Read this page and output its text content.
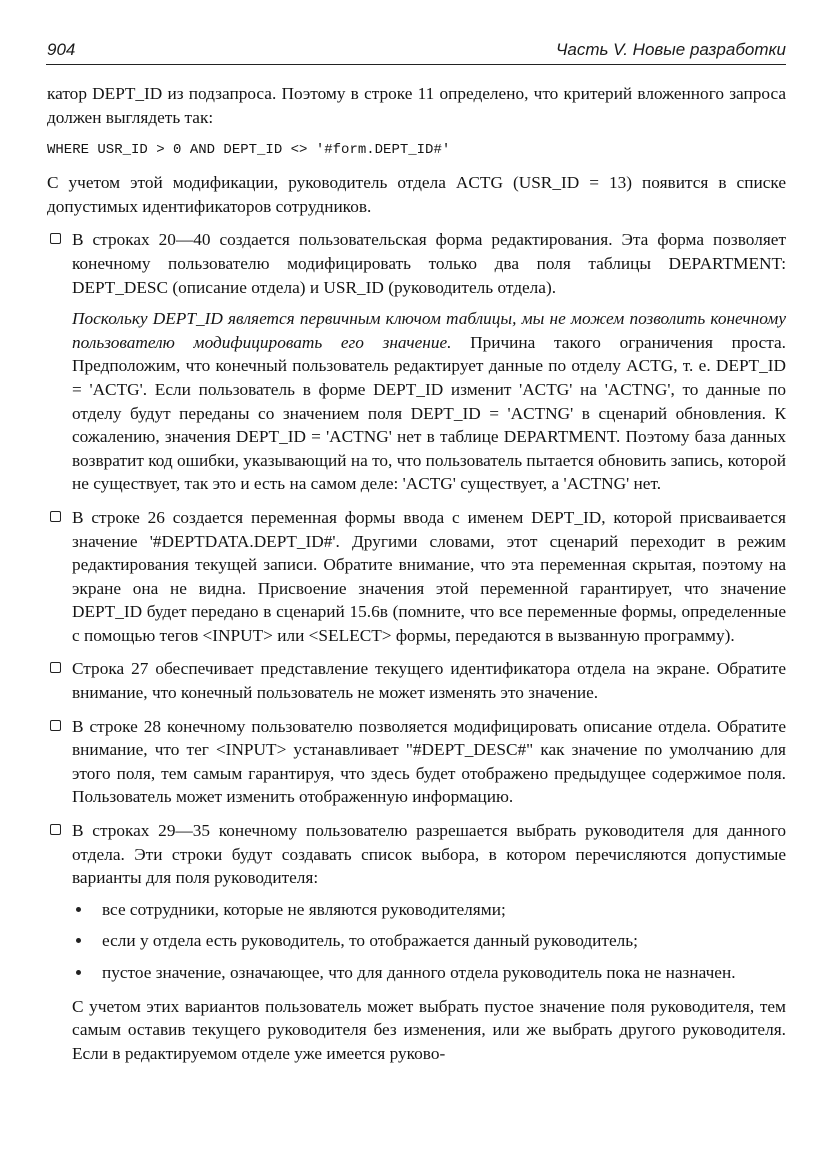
904	Часть V. Новые разработки

катор DEPT_ID из подзапроса. Поэтому в строке 11 определено, что критерий вложенного запроса должен выглядеть так:

WHERE USR_ID > 0 AND DEPT_ID <> '#form.DEPT_ID#'

С учетом этой модификации, руководитель отдела ACTG (USR_ID = 13) появится в списке допустимых идентификаторов сотрудников.

В строках 20—40 создается пользовательская форма редактирования. Эта форма позволяет конечному пользователю модифицировать только два поля таблицы DEPARTMENT: DEPT_DESC (описание отдела) и USR_ID (руководитель отдела).

Поскольку DEPT_ID является первичным ключом таблицы, мы не можем позволить конечному пользователю модифицировать его значение. Причина такого ограничения проста. Предположим, что конечный пользователь редактирует данные по отделу ACTG, т. е. DEPT_ID = 'ACTG'. Если пользователь в форме DEPT_ID изменит 'ACTG' на 'ACTNG', то данные по отделу будут переданы со значением поля DEPT_ID = 'ACTNG' в сценарий обновления. К сожалению, значения DEPT_ID = 'ACTNG' нет в таблице DEPARTMENT. Поэтому база данных возвратит код ошибки, указывающий на то, что пользователь пытается обновить запись, которой не существует, так это и есть на самом деле: 'ACTG' существует, а 'ACTNG' нет.

В строке 26 создается переменная формы ввода с именем DEPT_ID, которой присваивается значение '#DEPTDATA.DEPT_ID#'. Другими словами, этот сценарий переходит в режим редактирования текущей записи. Обратите внимание, что эта переменная скрытая, поэтому на экране она не видна. Присвоение значения этой переменной гарантирует, что значение DEPT_ID будет передано в сценарий 15.6в (помните, что все переменные формы, определенные с помощью тегов <INPUT> или <SELECT> формы, передаются в вызванную программу).

Строка 27 обеспечивает представление текущего идентификатора отдела на экране. Обратите внимание, что конечный пользователь не может изменять это значение.

В строке 28 конечному пользователю позволяется модифицировать описание отдела. Обратите внимание, что тег <INPUT> устанавливает "#DEPT_DESC#" как значение по умолчанию для этого поля, тем самым гарантируя, что здесь будет отображено предыдущее содержимое поля. Пользователь может изменить отображенную информацию.

В строках 29—35 конечному пользователю разрешается выбрать руководителя для данного отдела. Эти строки будут создавать список выбора, в котором перечисляются допустимые варианты для поля руководителя:

все сотрудники, которые не являются руководителями;
если у отдела есть руководитель, то отображается данный руководитель;
пустое значение, означающее, что для данного отдела руководитель пока не назначен.

С учетом этих вариантов пользователь может выбрать пустое значение поля руководителя, тем самым оставив текущего руководителя без изменения, или же выбрать другого руководителя. Если в редактируемом отделе уже имеется руково-
